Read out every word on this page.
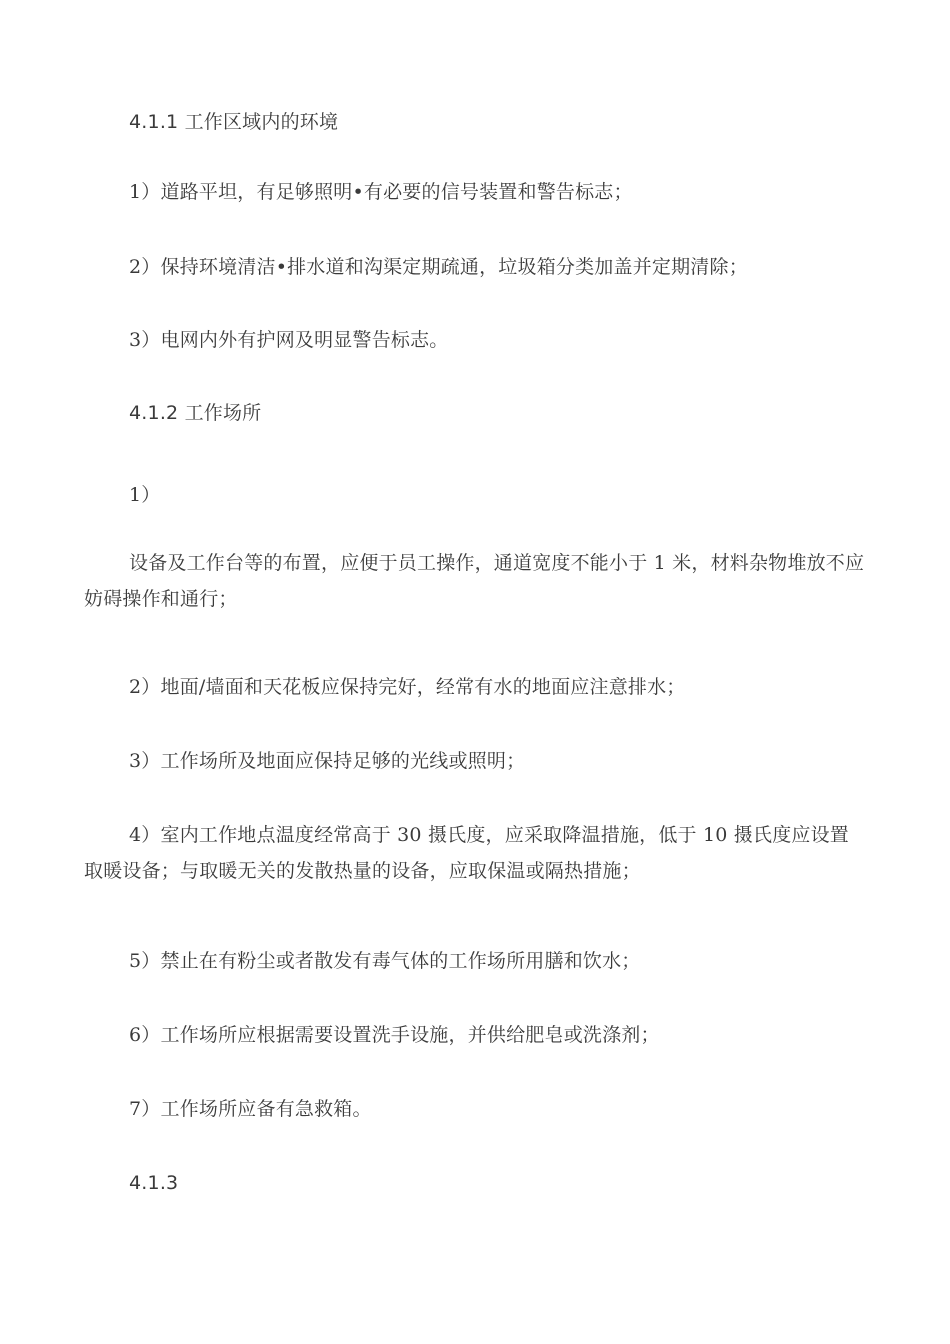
4.1.1 工作区域内的环境

1）道路平坦，有足够照明•有必要的信号装置和警告标志；

2）保持环境清洁•排水道和沟渠定期疏通，垃圾箱分类加盖并定期清除；

3）电网内外有护网及明显警告标志。

4.1.2 工作场所

1）

设备及工作台等的布置，应便于员工操作，通道宽度不能小于 1 米，材料杂物堆放不应妨碍操作和通行；

2）地面/墙面和天花板应保持完好，经常有水的地面应注意排水；

3）工作场所及地面应保持足够的光线或照明；

4）室内工作地点温度经常高于 30 摄氏度，应采取降温措施，低于 10 摄氏度应设置取暖设备；与取暖无关的发散热量的设备，应取保温或隔热措施；

5）禁止在有粉尘或者散发有毒气体的工作场所用膳和饮水；

6）工作场所应根据需要设置洗手设施，并供给肥皂或洗涤剂；

7）工作场所应备有急救箱。

4.1.3
